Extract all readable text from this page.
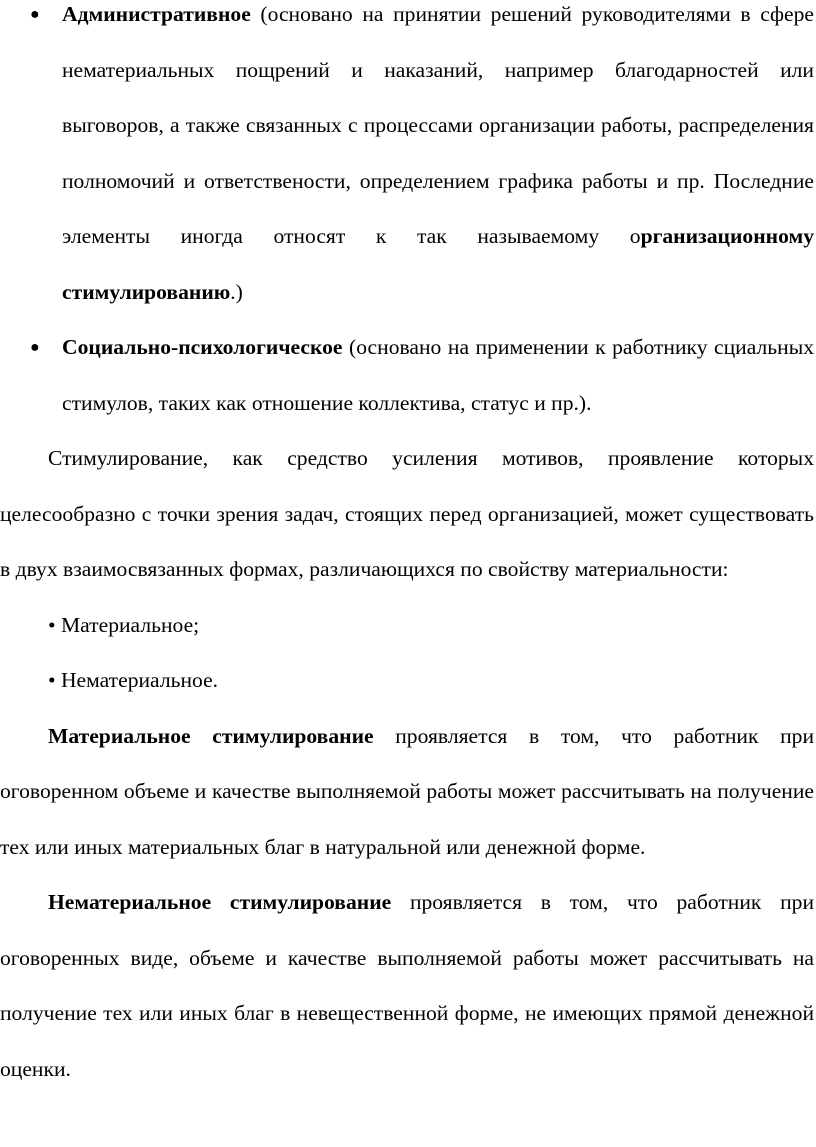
● Административное (основано на принятии решений руководителями в сфере нематериальных пощрений и наказаний, например благодарностей или выговоров, а также связанных с процессами организации работы, распределения полномочий и ответствености, определением графика работы и пр. Последние элементы иногда относят к так называемому организационному стимулированию.)
● Социально-психологическое (основано на применении к работнику сциальных стимулов, таких как отношение коллектива, статус и пр.).

Стимулирование, как средство усиления мотивов, проявление которых целесообразно с точки зрения задач, стоящих перед организацией, может существовать в двух взаимосвязанных формах, различающихся по свойству материальности:

• Материальное;

• Нематериальное.

Материальное стимулирование проявляется в том, что работник при оговоренном объеме и качестве выполняемой работы может рассчитывать на получение тех или иных материальных благ в натуральной или денежной форме.

Нематериальное стимулирование проявляется в том, что работник при оговоренных виде, объеме и качестве выполняемой работы может рассчитывать на получение тех или иных благ в невещественной форме, не имеющих прямой денежной оценки.
